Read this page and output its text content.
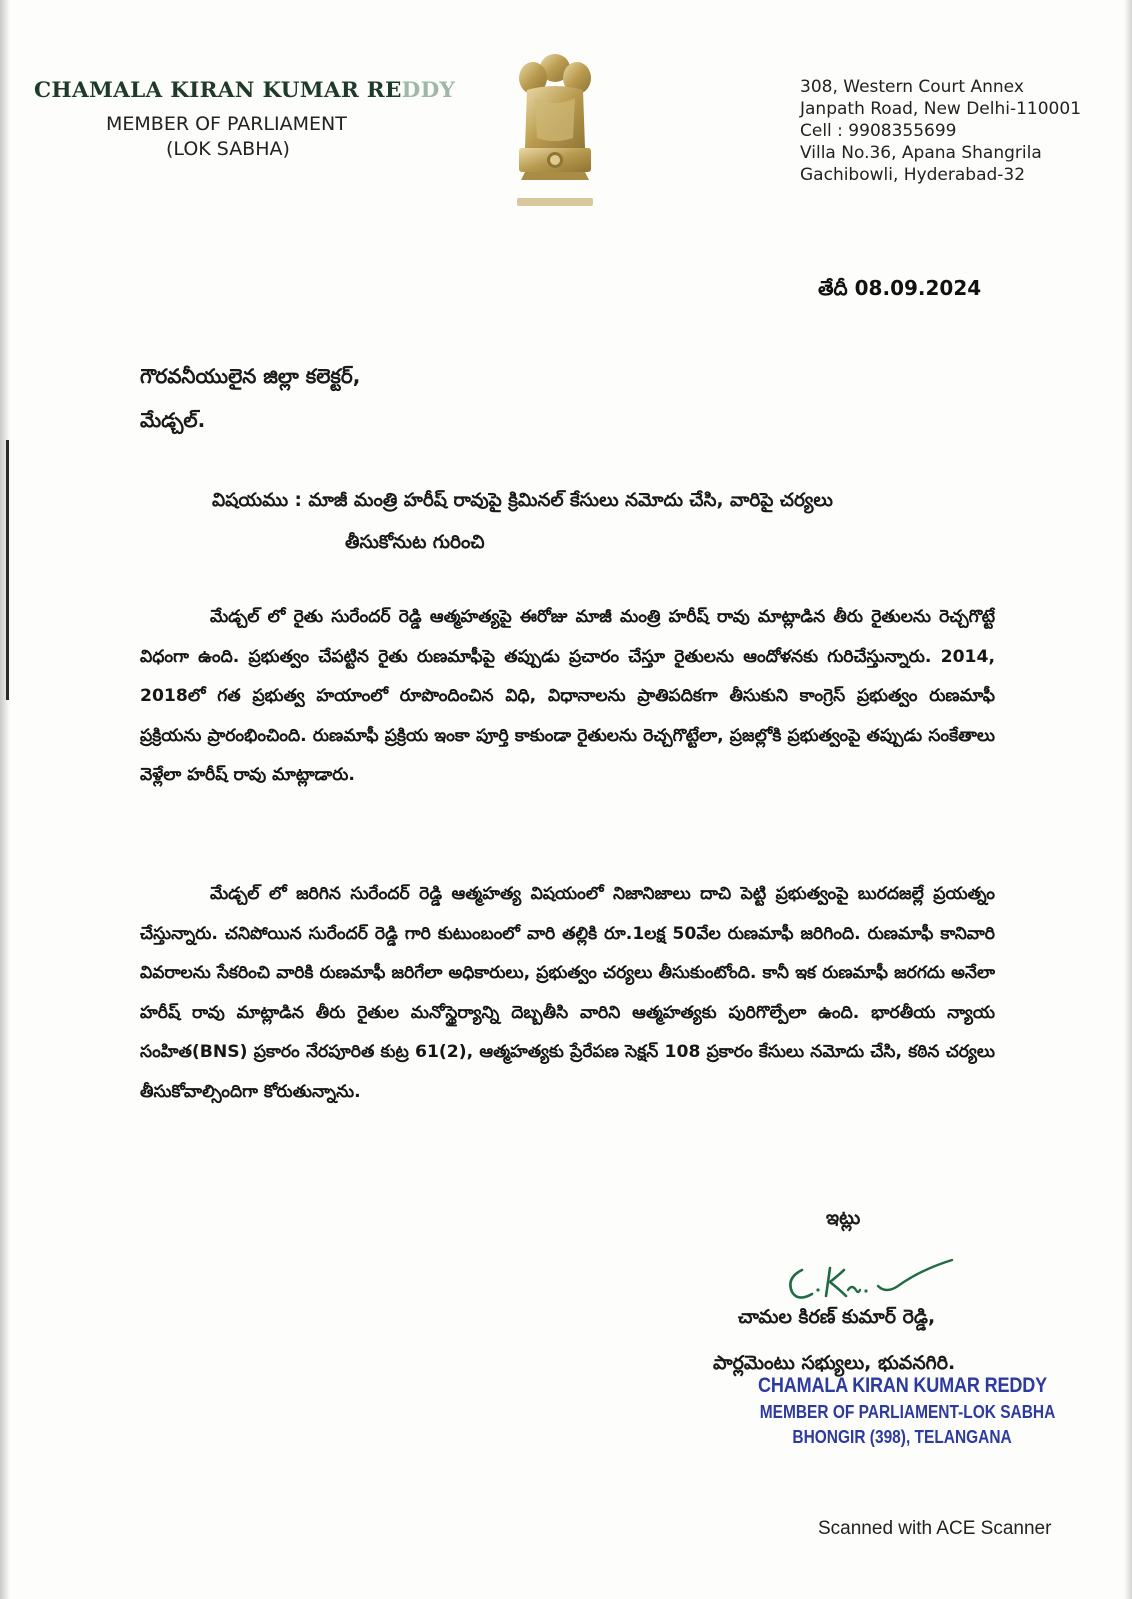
CHAMALA KIRAN KUMAR REDDY
MEMBER OF PARLIAMENT
(LOK SABHA)
308, Western Court Annex
Janpath Road, New Delhi-110001
Cell : 9908355699
Villa No.36, Apana Shangrila
Gachibowli, Hyderabad-32
తేదీ 08.09.2024
గౌరవనీయులైన జిల్లా కలెక్టర్,
మేడ్చల్.
విషయము : మాజీ మంత్రి హరీష్ రావుపై క్రిమినల్ కేసులు నమోదు చేసి, వారిపై చర్యలు
తీసుకోనుట గురించి
మేడ్చల్ లో రైతు సురేందర్ రెడ్డి ఆత్మహత్యపై ఈరోజు మాజీ మంత్రి హరీష్ రావు మాట్లాడిన తీరు రైతులను రెచ్చగొట్టే విధంగా ఉంది. ప్రభుత్వం చేపట్టిన రైతు రుణమాఫీపై తప్పుడు ప్రచారం చేస్తూ రైతులను ఆందోళనకు గురిచేస్తున్నారు. 2014, 2018లో గత ప్రభుత్వ హయాంలో రూపొందించిన విధి, విధానాలను ప్రాతిపదికగా తీసుకుని కాంగ్రెస్ ప్రభుత్వం రుణమాఫీ ప్రక్రియను ప్రారంభించింది. రుణమాఫీ ప్రక్రియ ఇంకా పూర్తి కాకుండా రైతులను రెచ్చగొట్టేలా, ప్రజల్లోకి ప్రభుత్వంపై తప్పుడు సంకేతాలు వెళ్లేలా హరీష్ రావు మాట్లాడారు.
మేడ్చల్ లో జరిగిన సురేందర్ రెడ్డి ఆత్మహత్య విషయంలో నిజానిజాలు దాచి పెట్టి ప్రభుత్వంపై బురదజల్లే ప్రయత్నం చేస్తున్నారు. చనిపోయిన సురేందర్ రెడ్డి గారి కుటుంబంలో వారి తల్లికి రూ.1లక్ష 50వేల రుణమాఫీ జరిగింది. రుణమాఫీ కానివారి వివరాలను సేకరించి వారికి రుణమాఫీ జరిగేలా అధికారులు, ప్రభుత్వం చర్యలు తీసుకుంటోంది. కానీ ఇక రుణమాఫీ జరగదు అనేలా హరీష్ రావు మాట్లాడిన తీరు రైతుల మనోస్థైర్యాన్ని దెబ్బతీసి వారిని ఆత్మహత్యకు పురిగొల్పేలా ఉంది. భారతీయ న్యాయ సంహిత(BNS) ప్రకారం నేరపూరిత కుట్ర 61(2), ఆత్మహత్యకు ప్రేరేపణ సెక్షన్ 108 ప్రకారం కేసులు నమోదు చేసి, కఠిన చర్యలు తీసుకోవాల్సిందిగా కోరుతున్నాను.
ఇట్లు
చామల కిరణ్ కుమార్ రెడ్డి,
పార్లమెంటు సభ్యులు, భువనగిరి.
CHAMALA KIRAN KUMAR REDDY
MEMBER OF PARLIAMENT-LOK SABHA
BHONGIR (398), TELANGANA
Scanned with ACE Scanner
